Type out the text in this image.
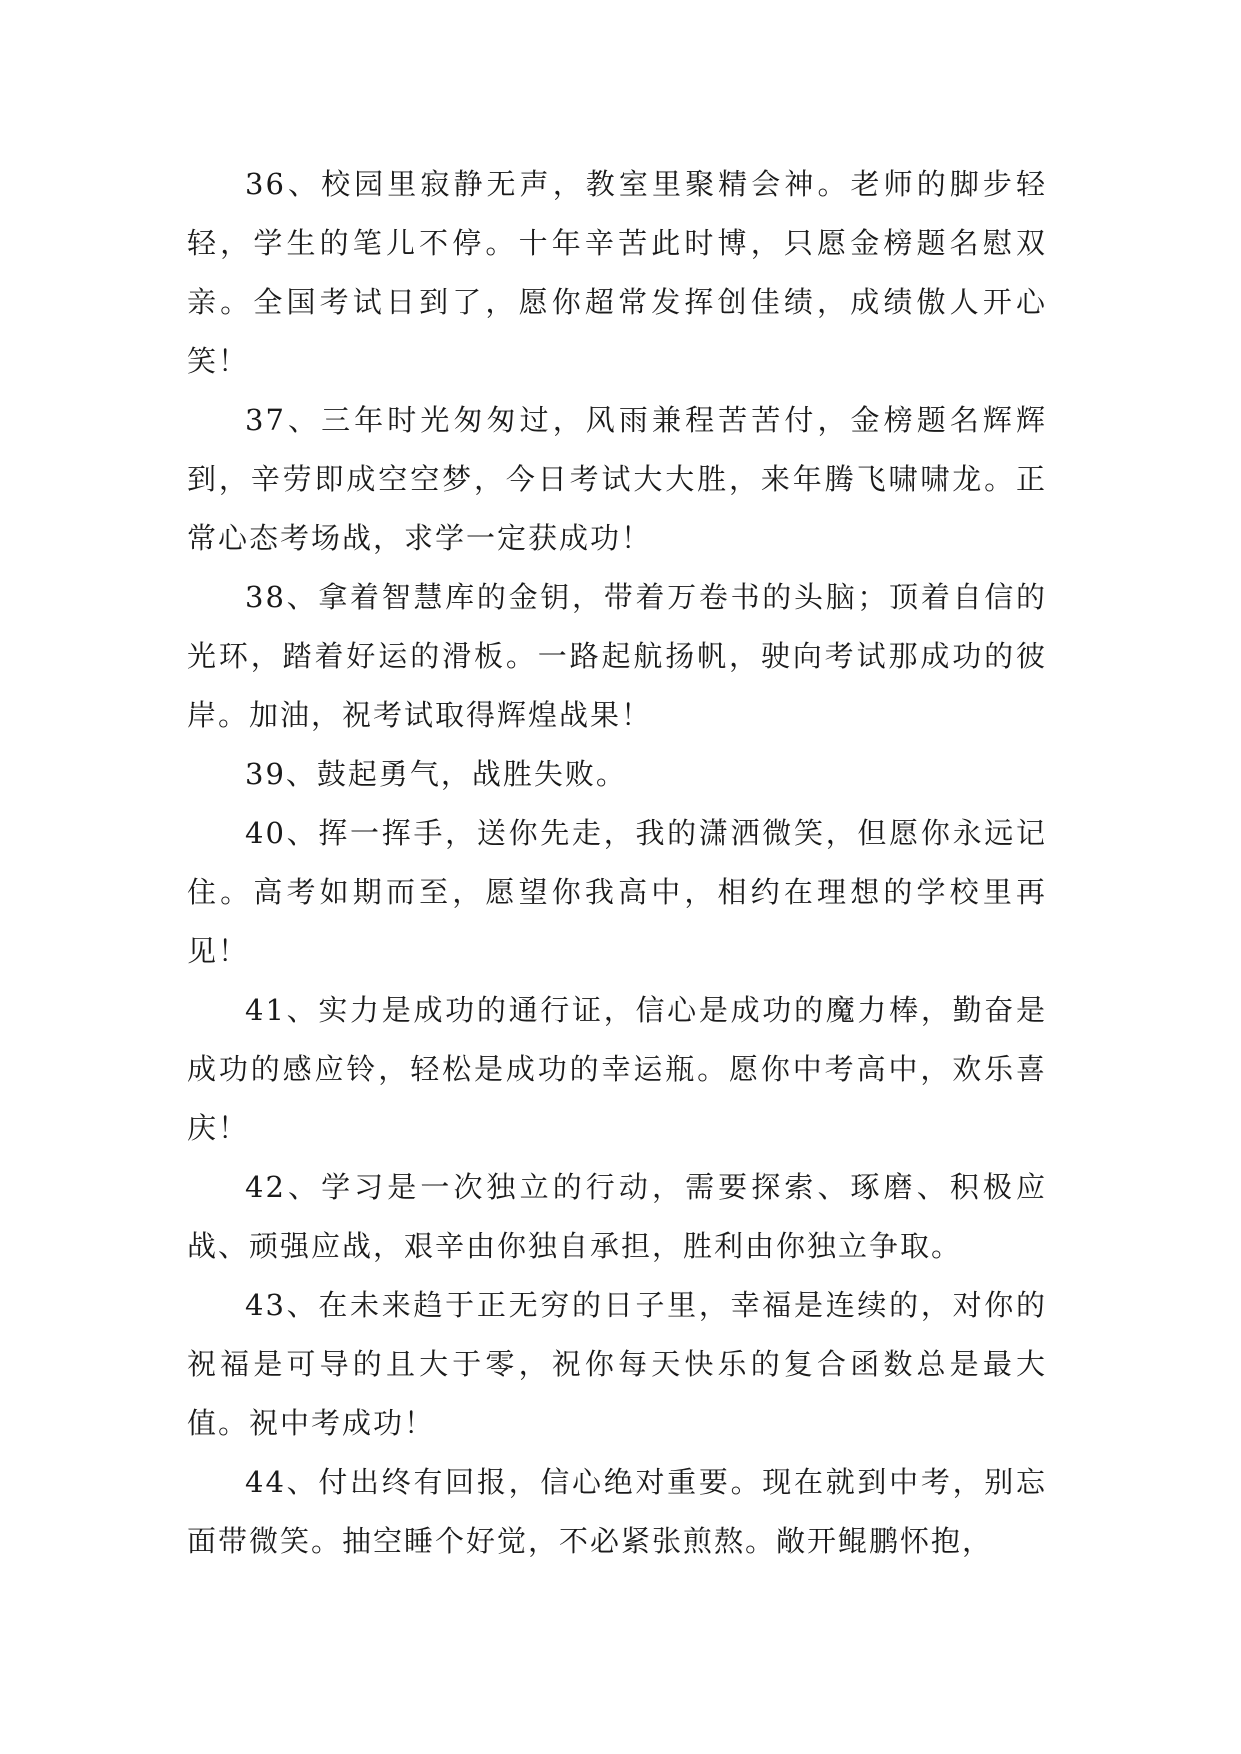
36、校园里寂静无声，教室里聚精会神。老师的脚步轻轻，学生的笔儿不停。十年辛苦此时博，只愿金榜题名慰双亲。全国考试日到了，愿你超常发挥创佳绩，成绩傲人开心笑！

37、三年时光匆匆过，风雨兼程苦苦付，金榜题名辉辉到，辛劳即成空空梦，今日考试大大胜，来年腾飞啸啸龙。正常心态考场战，求学一定获成功！

38、拿着智慧库的金钥，带着万卷书的头脑；顶着自信的光环，踏着好运的滑板。一路起航扬帆，驶向考试那成功的彼岸。加油，祝考试取得辉煌战果！

39、鼓起勇气，战胜失败。

40、挥一挥手，送你先走，我的潇洒微笑，但愿你永远记住。高考如期而至，愿望你我高中，相约在理想的学校里再见！

41、实力是成功的通行证，信心是成功的魔力棒，勤奋是成功的感应铃，轻松是成功的幸运瓶。愿你中考高中，欢乐喜庆！

42、学习是一次独立的行动，需要探索、琢磨、积极应战、顽强应战，艰辛由你独自承担，胜利由你独立争取。

43、在未来趋于正无穷的日子里，幸福是连续的，对你的祝福是可导的且大于零，祝你每天快乐的复合函数总是最大值。祝中考成功！

44、付出终有回报，信心绝对重要。现在就到中考，别忘面带微笑。抽空睡个好觉，不必紧张煎熬。敞开鲲鹏怀抱，
